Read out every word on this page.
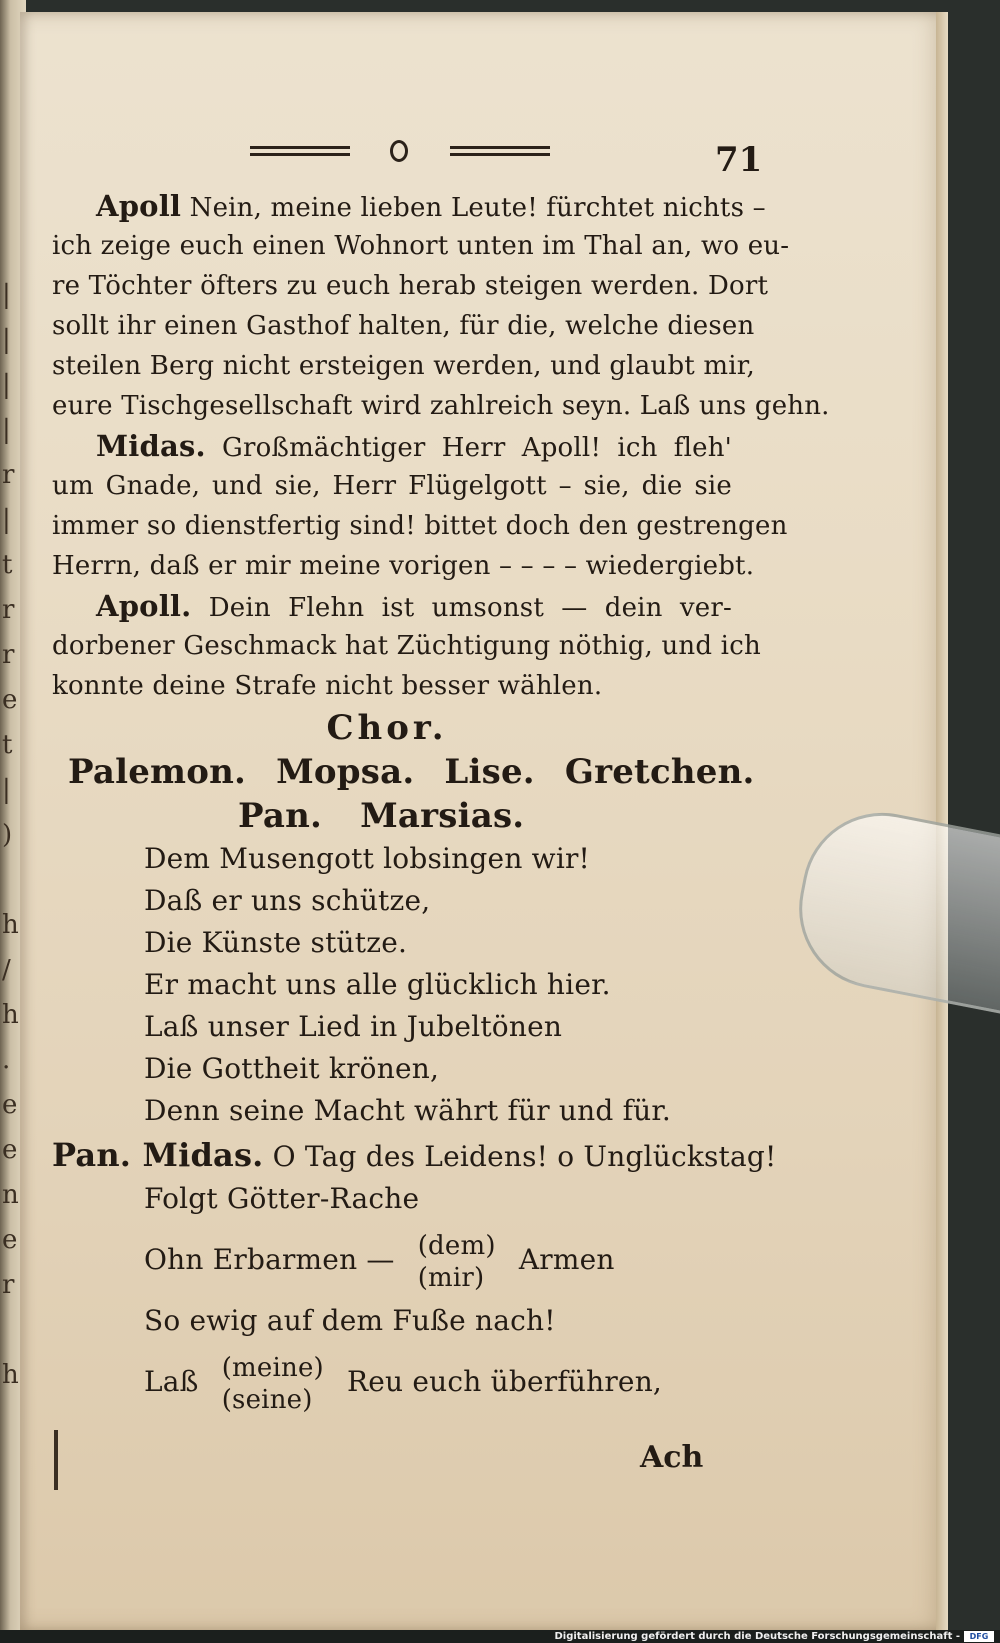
|
|
|
|
r
|
t
r
r
e
t
|
)
h
/
h
.
e
e
n
e
r
h
71
Apoll Nein, meine lieben Leute! fürchtet nichts –
ich zeige euch einen Wohnort unten im Thal an, wo eu-
re Töchter öfters zu euch herab steigen werden. Dort
sollt ihr einen Gasthof halten, für die, welche diesen
steilen Berg nicht ersteigen werden, und glaubt mir,
eure Tischgesellschaft wird zahlreich seyn. Laß uns gehn.
Midas. Großmächtiger Herr Apoll! ich fleh'
um Gnade, und sie, Herr Flügelgott – sie, die sie
immer so dienstfertig sind! bittet doch den gestrengen
Herrn, daß er mir meine vorigen – – – – wiedergiebt.
Apoll. Dein Flehn ist umsonst — dein ver-
dorbener Geschmack hat Züchtigung nöthig, und ich
konnte deine Strafe nicht besser wählen.
Chor.
Palemon. Mopsa. Lise. Gretchen.
Pan. Marsias.
Dem Musengott lobsingen wir!
Daß er uns schütze,
Die Künste stütze.
Er macht uns alle glücklich hier.
Laß unser Lied in Jubeltönen
Die Gottheit krönen,
Denn seine Macht währt für und für.
Pan. Midas. O Tag des Leidens! o Unglückstag!
Folgt Götter-Rache
Ohn Erbarmen — (dem)
(mir)
Armen
So ewig auf dem Fuße nach!
Laß (meine)
(seine)
Reu euch überführen,
Ach
Digitalisierung gefördert durch die Deutsche Forschungsgemeinschaft -	DFG
